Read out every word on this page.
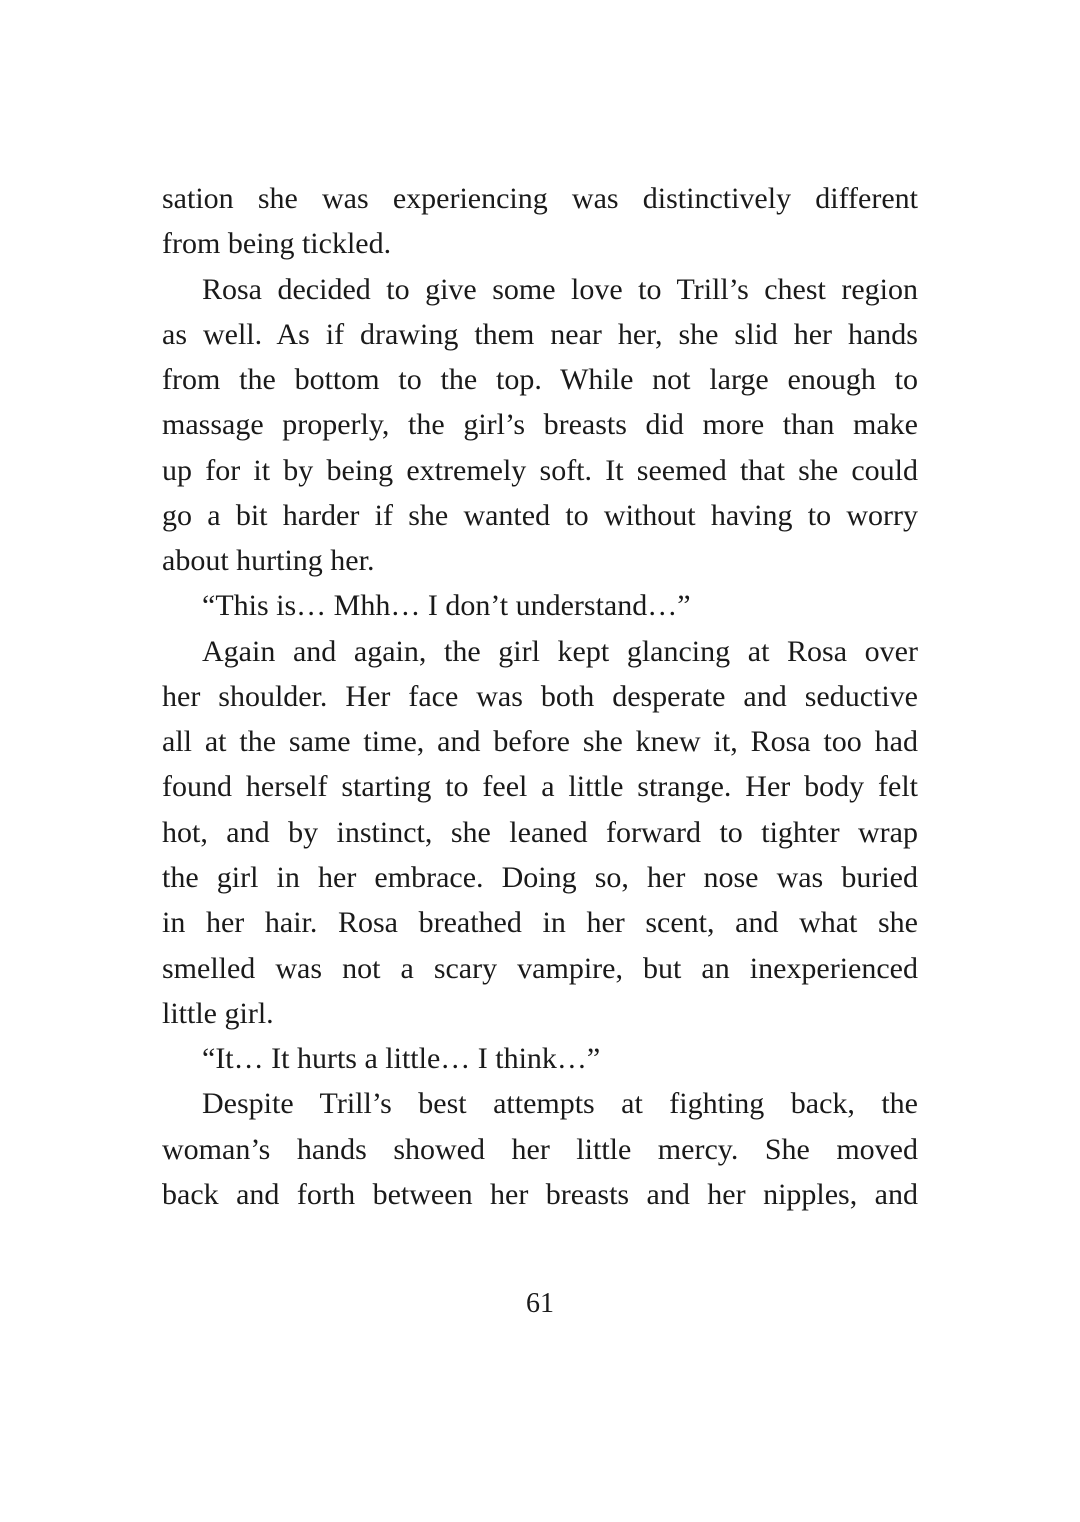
sation she was experiencing was distinctively different
from being tickled.
Rosa decided to give some love to Trill’s chest region
as well. As if drawing them near her, she slid her hands
from the bottom to the top. While not large enough to
massage properly, the girl’s breasts did more than make
up for it by being extremely soft. It seemed that she could
go a bit harder if she wanted to without having to worry
about hurting her.
“This is… Mhh… I don’t understand…”
Again and again, the girl kept glancing at Rosa over
her shoulder. Her face was both desperate and seductive
all at the same time, and before she knew it, Rosa too had
found herself starting to feel a little strange. Her body felt
hot, and by instinct, she leaned forward to tighter wrap
the girl in her embrace. Doing so, her nose was buried
in her hair. Rosa breathed in her scent, and what she
smelled was not a scary vampire, but an inexperienced
little girl.
“It… It hurts a little… I think…”
Despite Trill’s best attempts at fighting back, the
woman’s hands showed her little mercy. She moved
back and forth between her breasts and her nipples, and
61
